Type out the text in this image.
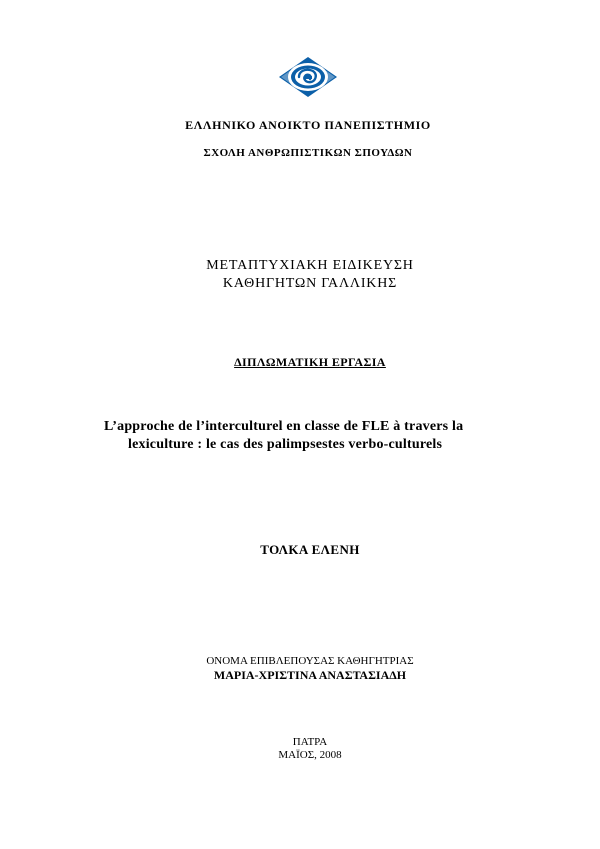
ΕΛΛΗΝΙΚΟ ΑΝΟΙΚΤΟ ΠΑΝΕΠΙΣΤΗΜΙΟ
ΣΧΟΛΗ ΑΝΘΡΩΠΙΣΤΙΚΩΝ ΣΠΟΥΔΩΝ
ΜΕΤΑΠΤΥΧΙΑΚΗ ΕΙΔΙΚΕΥΣΗ
ΚΑΘΗΓΗΤΩΝ ΓΑΛΛΙΚΗΣ
ΔΙΠΛΩΜΑΤΙΚΗ ΕΡΓΑΣΙΑ
L’approche de l’interculturel en classe de FLE à travers la
lexiculture : le cas des palimpsestes verbo-culturels
ΤΟΛΚΑ ΕΛΕΝΗ
ΟΝΟΜΑ ΕΠΙΒΛΕΠΟΥΣΑΣ ΚΑΘΗΓΗΤΡΙΑΣ
ΜΑΡΙΑ-ΧΡΙΣΤΙΝΑ ΑΝΑΣΤΑΣΙΑΔΗ
ΠΑΤΡΑ
ΜΑΪΟΣ, 2008
